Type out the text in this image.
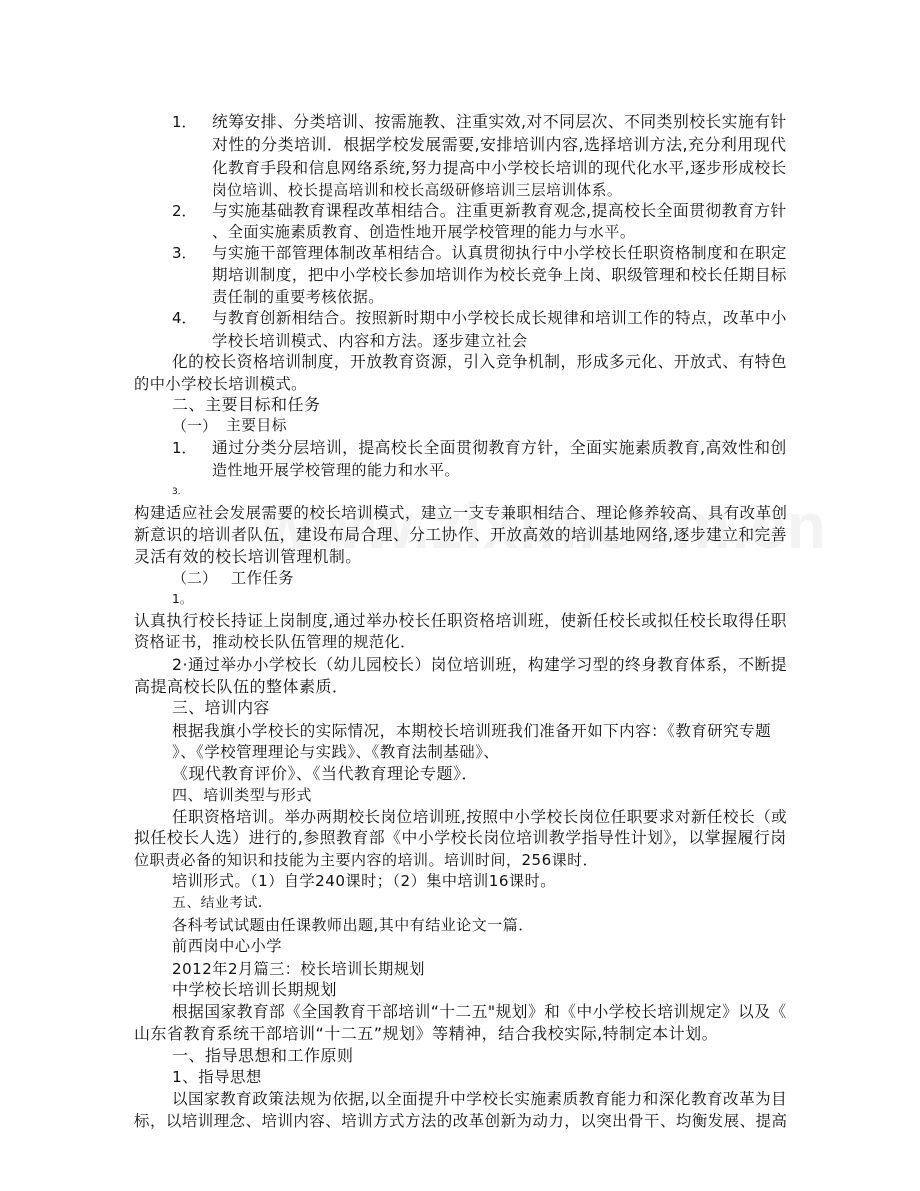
1． 统筹安排、分类培训、按需施教、注重实效,对不同层次、不同类别校长实施有针
对性的分类培训．根据学校发展需要,安排培训内容,选择培训方法,充分利用现代
化教育手段和信息网络系统,努力提高中小学校长培训的现代化水平,逐步形成校长
岗位培训、校长提高培训和校长高级研修培训三层培训体系。
2． 与实施基础教育课程改革相结合。注重更新教育观念,提高校长全面贯彻教育方针
、全面实施素质教育、创造性地开展学校管理的能力与水平。
3． 与实施干部管理体制改革相结合。认真贯彻执行中小学校长任职资格制度和在职定
期培训制度，把中小学校长参加培训作为校长竞争上岗、职级管理和校长任期目标
责任制的重要考核依据。
4． 与教育创新相结合。按照新时期中小学校长成长规律和培训工作的特点，改革中小
学校长培训模式、内容和方法。逐步建立社会
化的校长资格培训制度，开放教育资源，引入竞争机制，形成多元化、开放式、有特色
的中小学校长培训模式。
二、主要目标和任务
（一） 主要目标
1． 通过分类分层培训，提高校长全面贯彻教育方针，全面实施素质教育,高效性和创
造性地开展学校管理的能力和水平。
3．
构建适应社会发展需要的校长培训模式，建立一支专兼职相结合、理论修养较高、具有改革创
新意识的培训者队伍，建设布局合理、分工协作、开放高效的培训基地网络,逐步建立和完善
灵活有效的校长培训管理机制。
（二） 工作任务
1。
认真执行校长持证上岗制度,通过举办校长任职资格培训班，使新任校长或拟任校长取得任职
资格证书，推动校长队伍管理的规范化．
2·通过举办小学校长（幼儿园校长）岗位培训班，构建学习型的终身教育体系，不断提
高提高校长队伍的整体素质．
三、培训内容
根据我旗小学校长的实际情况，本期校长培训班我们准备开如下内容：《教育研究专题
》、《学校管理理论与实践》、《教育法制基础》、
《现代教育评价》、《当代教育理论专题》．
四、培训类型与形式
任职资格培训。举办两期校长岗位培训班,按照中小学校长岗位任职要求对新任校长（或
拟任校长人选）进行的,参照教育部《中小学校长岗位培训教学指导性计划》，以掌握履行岗
位职责必备的知识和技能为主要内容的培训。培训时间，256课时．
培训形式。（1）自学240课时；（2）集中培训16课时。
五、结业考试．
各科考试试题由任课教师出题,其中有结业论文一篇．
前西岗中心小学
2012年2月篇三：校长培训长期规划
中学校长培训长期规划
根据国家教育部《全国教育干部培训“十二五"规划》和《中小学校长培训规定》以及《
山东省教育系统干部培训“十二五”规划》等精神，结合我校实际,特制定本计划。
一、指导思想和工作原则
1、指导思想
以国家教育政策法规为依据,以全面提升中学校长实施素质教育能力和深化教育改革为目
标，以培训理念、培训内容、培训方式方法的改革创新为动力，以突出骨干、均衡发展、提高
